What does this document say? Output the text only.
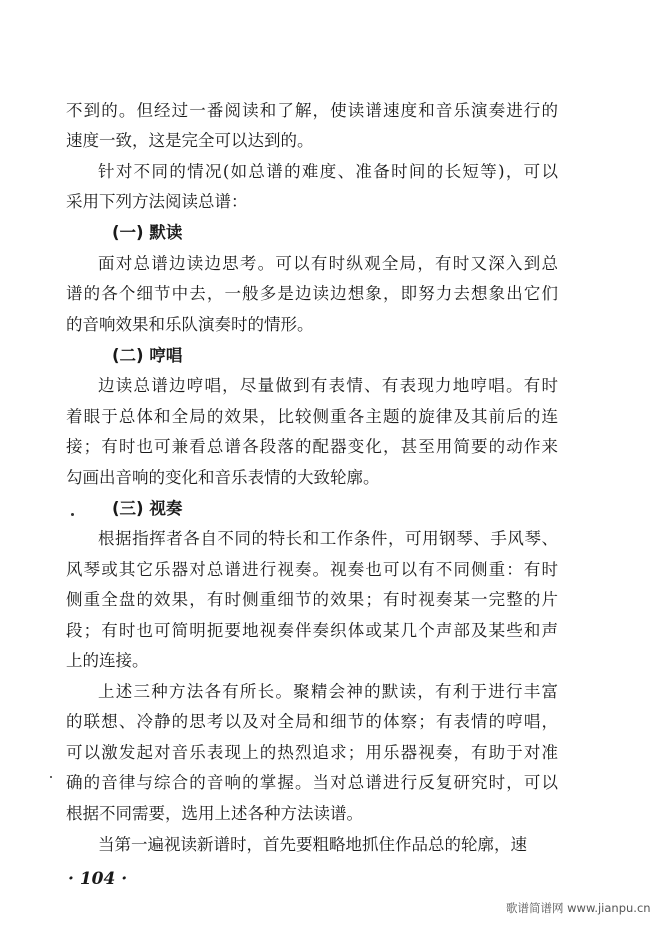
不到的。但经过一番阅读和了解，使读谱速度和音乐演奏进行的
速度一致，这是完全可以达到的。
针对不同的情况(如总谱的难度、准备时间的长短等)，可以
采用下列方法阅读总谱：
(一) 默读
面对总谱边读边思考。可以有时纵观全局，有时又深入到总
谱的各个细节中去，一般多是边读边想象，即努力去想象出它们
的音响效果和乐队演奏时的情形。
(二) 哼唱
边读总谱边哼唱，尽量做到有表情、有表现力地哼唱。有时
着眼于总体和全局的效果，比较侧重各主题的旋律及其前后的连
接；有时也可兼看总谱各段落的配器变化，甚至用简要的动作来
勾画出音响的变化和音乐表情的大致轮廓。
(三) 视奏
根据指挥者各自不同的特长和工作条件，可用钢琴、手风琴、
风琴或其它乐器对总谱进行视奏。视奏也可以有不同侧重：有时
侧重全盘的效果，有时侧重细节的效果；有时视奏某一完整的片
段；有时也可简明扼要地视奏伴奏织体或某几个声部及某些和声
上的连接。
上述三种方法各有所长。聚精会神的默读，有利于进行丰富
的联想、冷静的思考以及对全局和细节的体察；有表情的哼唱，
可以激发起对音乐表现上的热烈追求；用乐器视奏，有助于对准
确的音律与综合的音响的掌握。当对总谱进行反复研究时，可以
根据不同需要，选用上述各种方法读谱。
当第一遍视读新谱时，首先要粗略地抓住作品总的轮廓，速
· 104 ·
歌谱简谱网 www.jianpu.cn
